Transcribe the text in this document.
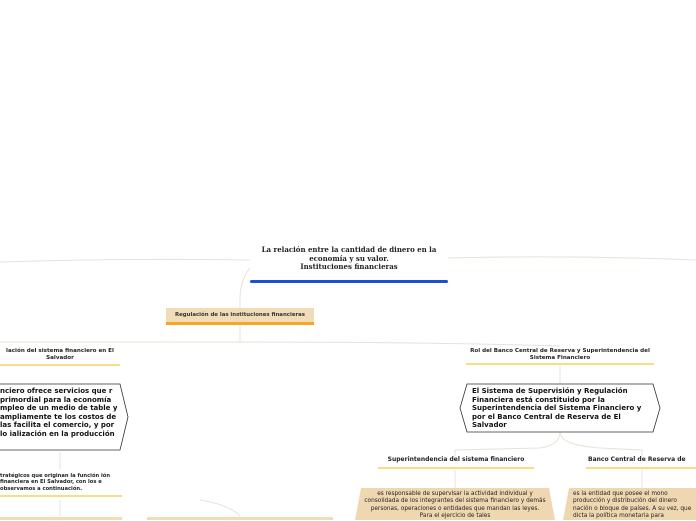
La relación entre la cantidad de dinero en la economía y su valor.
Instituciones financieras
Regulación de las instituciones financieras
lación del sistema financiero en El Salvador
nciero ofrece servicios que r primordial para la economía mpleo de un medio de table y ampliamente te los costos de las facilita el comercio, y por lo ialización en la producción
tratégicos que originan la función ión financiera en El Salvador, con los e observamos a continuación.
Rol del Banco Central de Reserva y Superintendencia del Sistema Financiero
El Sistema de Supervisión y Regulación Financiera está constituido por la Superintendencia del Sistema Financiero y por el Banco Central de Reserva de El Salvador
Superintendencia del sistema financiero
es responsable de supervisar la actividad individual y consolidada de los integrantes del sistema financiero y demás personas, operaciones o entidades que mandan las leyes. Para el ejercicio de tales
Banco Central de Reserva de
es la entidad que posee el mono producción y distribución del dinero nación o bloque de países. A su vez, que dicta la política monetaria para
